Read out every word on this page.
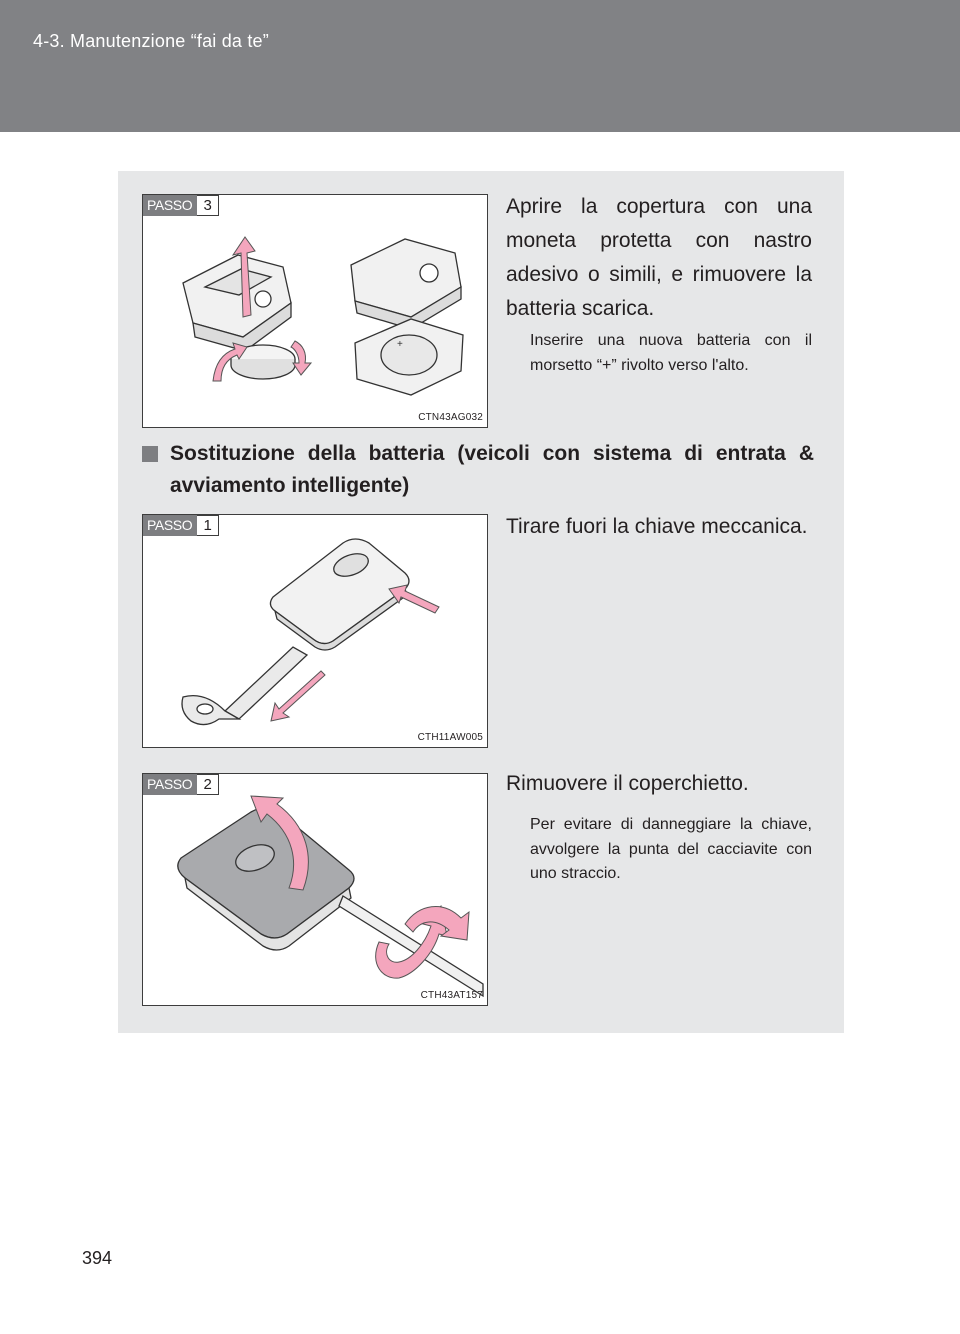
4-3. Manutenzione “fai da te”
PASSO 3
+
CTN43AG032
Aprire la copertura con una moneta protetta con nastro adesivo o simili, e rimuovere la batteria scarica.
Inserire una nuova batteria con il morsetto “+” rivolto verso l'alto.
Sostituzione della batteria (veicoli con sistema di entrata & avviamento intelligente)
PASSO 1
CTH11AW005
Tirare fuori la chiave meccanica.
PASSO 2
CTH43AT157
Rimuovere il coperchietto.
Per evitare di danneggiare la chiave, avvolgere la punta del cacciavite con uno straccio.
394
